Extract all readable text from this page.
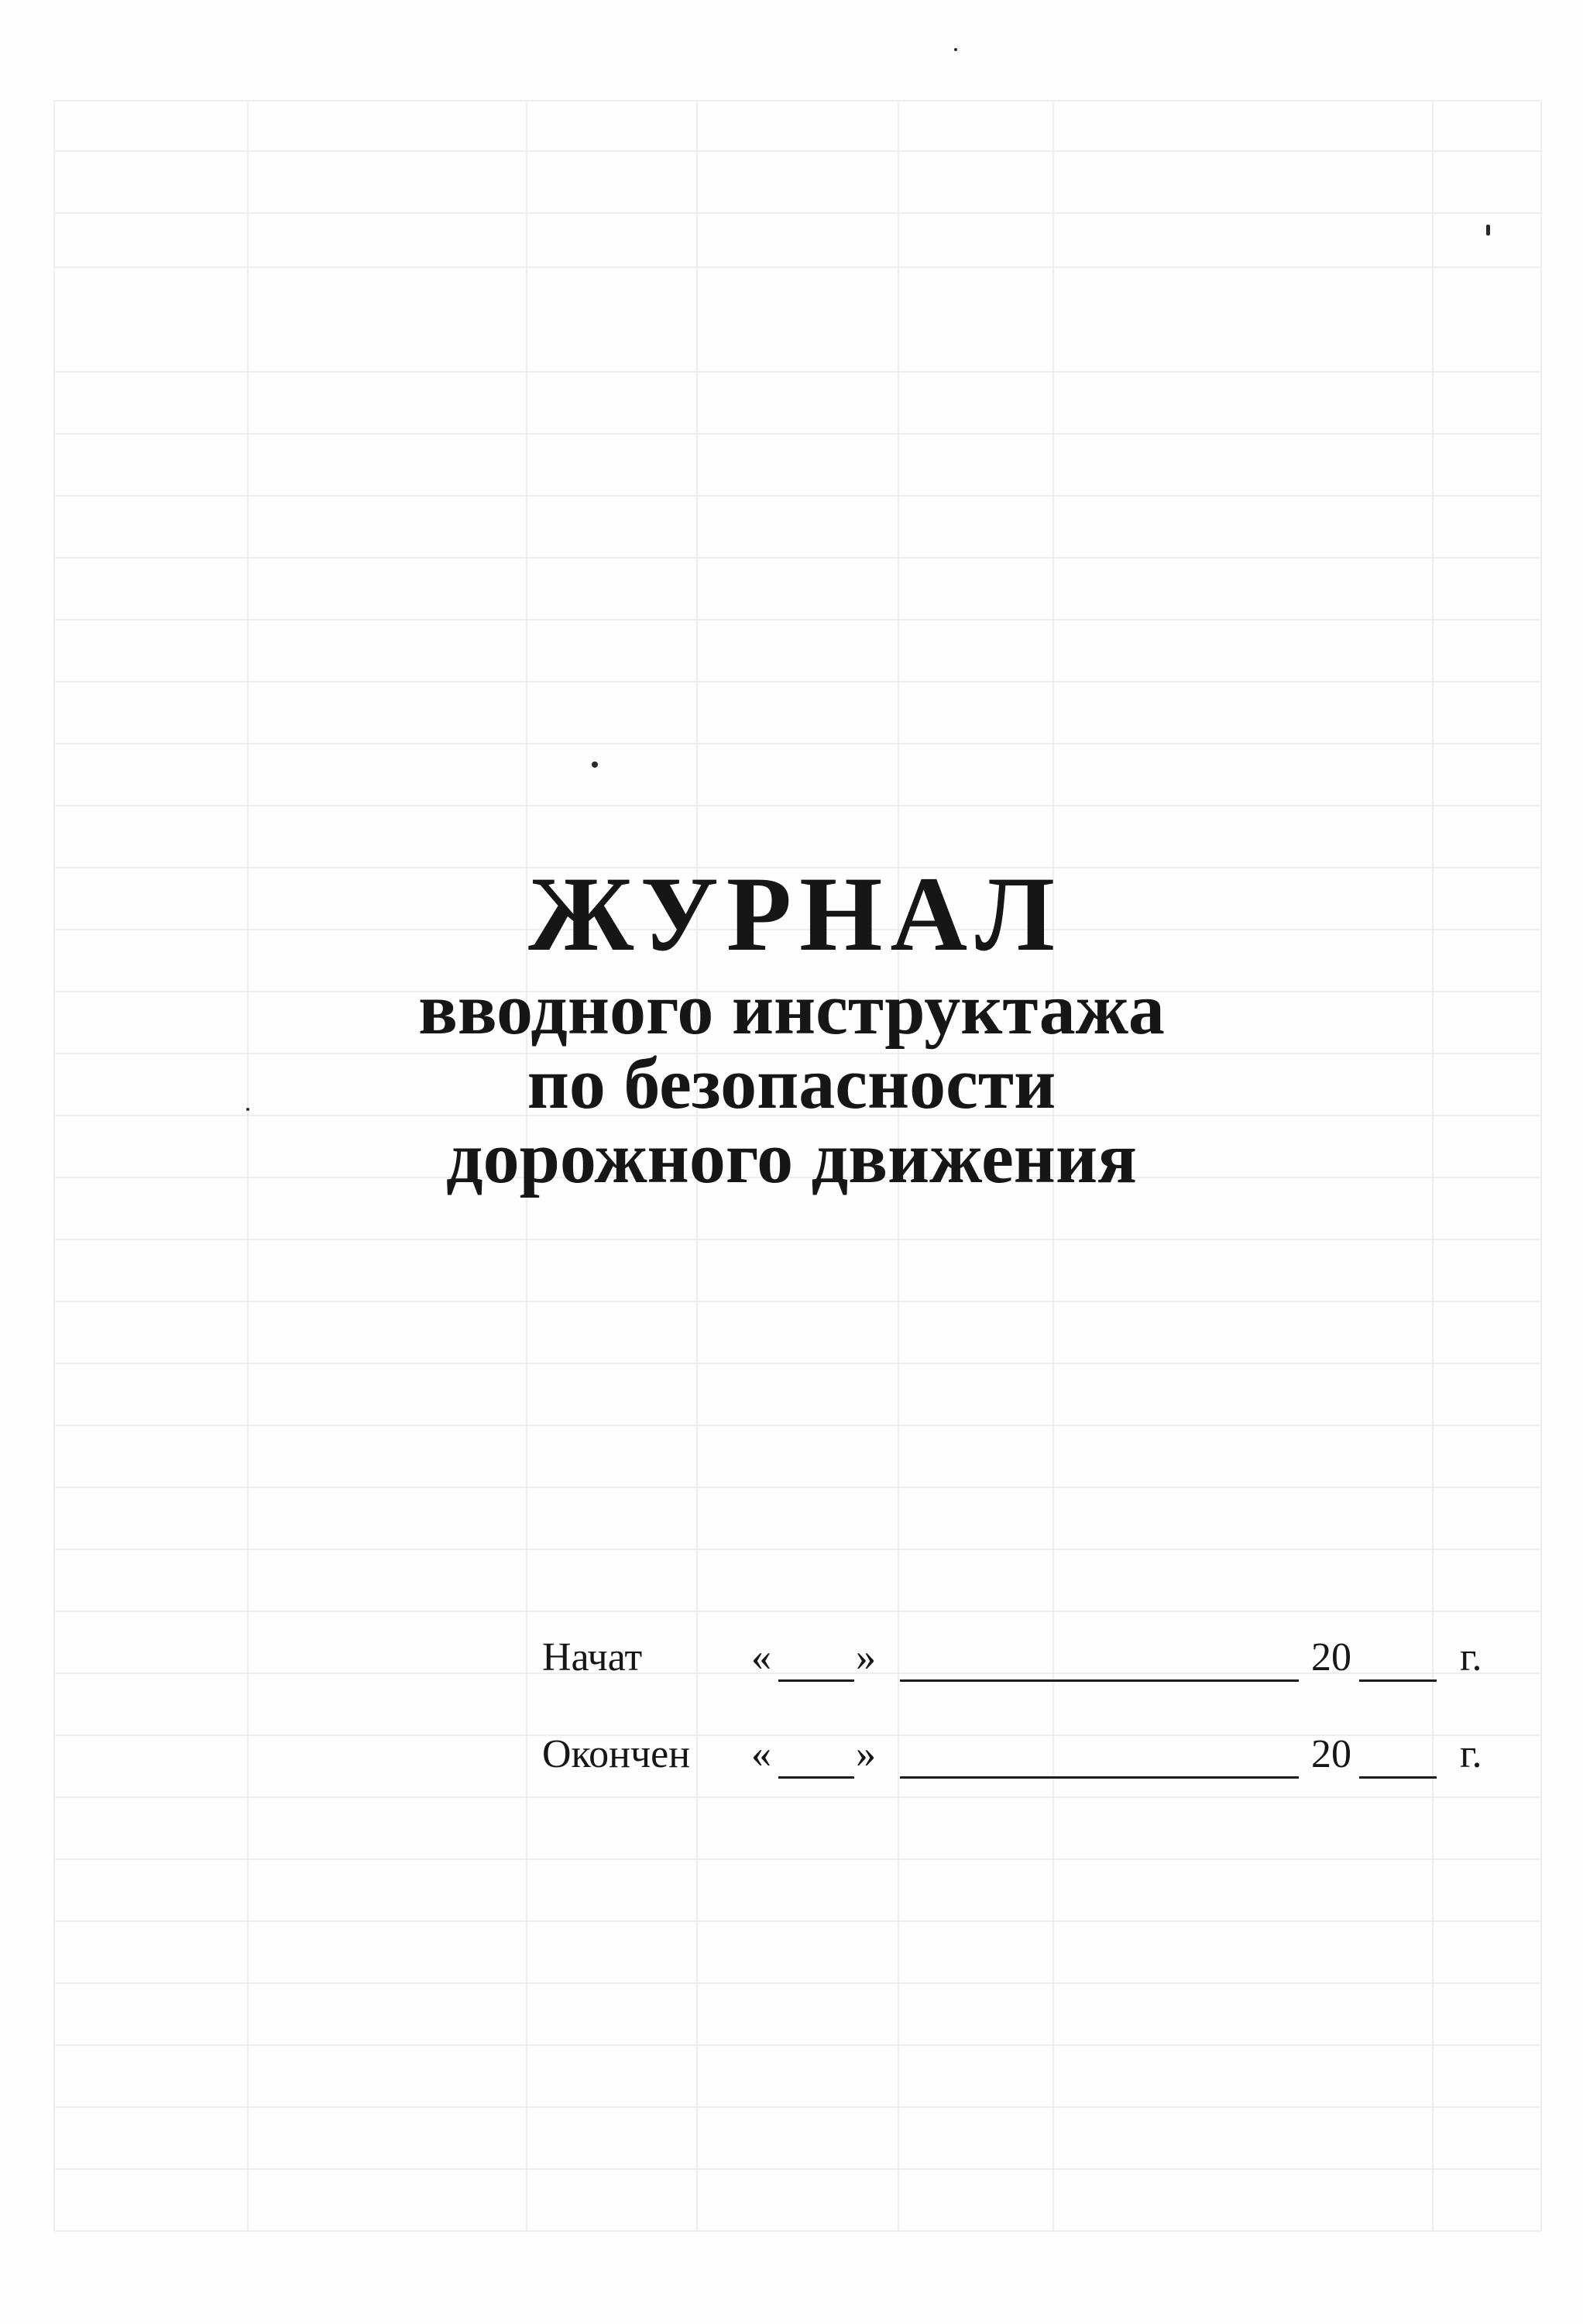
ЖУРНАЛ
вводного инструктажа
по безопасности
дорожного движения
Начат	« »	20	г.
Окончен « »	20	г.
